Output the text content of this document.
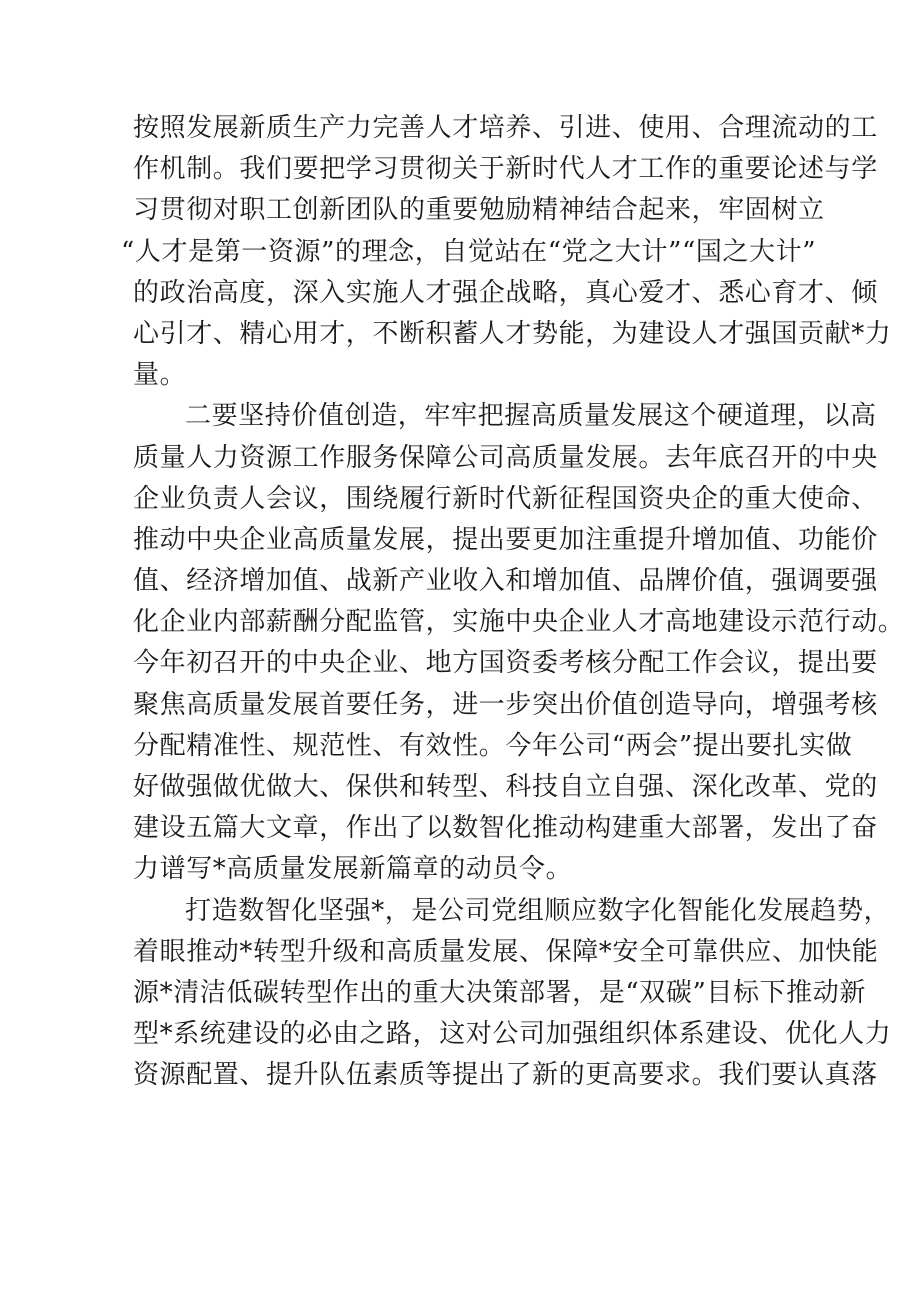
按照发展新质生产力完善人才培养、引进、使用、合理流动的工
作机制。我们要把学习贯彻关于新时代人才工作的重要论述与学
习贯彻对职工创新团队的重要勉励精神结合起来，牢固树立
“人才是第一资源”的理念，自觉站在“党之大计”“国之大计”
的政治高度，深入实施人才强企战略，真心爱才、悉心育才、倾
心引才、精心用才，不断积蓄人才势能，为建设人才强国贡献*力
量。
二要坚持价值创造，牢牢把握高质量发展这个硬道理，以高
质量人力资源工作服务保障公司高质量发展。去年底召开的中央
企业负责人会议，围绕履行新时代新征程国资央企的重大使命、
推动中央企业高质量发展，提出要更加注重提升增加值、功能价
值、经济增加值、战新产业收入和增加值、品牌价值，强调要强
化企业内部薪酬分配监管，实施中央企业人才高地建设示范行动。
今年初召开的中央企业、地方国资委考核分配工作会议，提出要
聚焦高质量发展首要任务，进一步突出价值创造导向，增强考核
分配精准性、规范性、有效性。今年公司“两会”提出要扎实做
好做强做优做大、保供和转型、科技自立自强、深化改革、党的
建设五篇大文章，作出了以数智化推动构建重大部署，发出了奋
力谱写*高质量发展新篇章的动员令。
打造数智化坚强*，是公司党组顺应数字化智能化发展趋势，
着眼推动*转型升级和高质量发展、保障*安全可靠供应、加快能
源*清洁低碳转型作出的重大决策部署，是“双碳”目标下推动新
型*系统建设的必由之路，这对公司加强组织体系建设、优化人力
资源配置、提升队伍素质等提出了新的更高要求。我们要认真落
